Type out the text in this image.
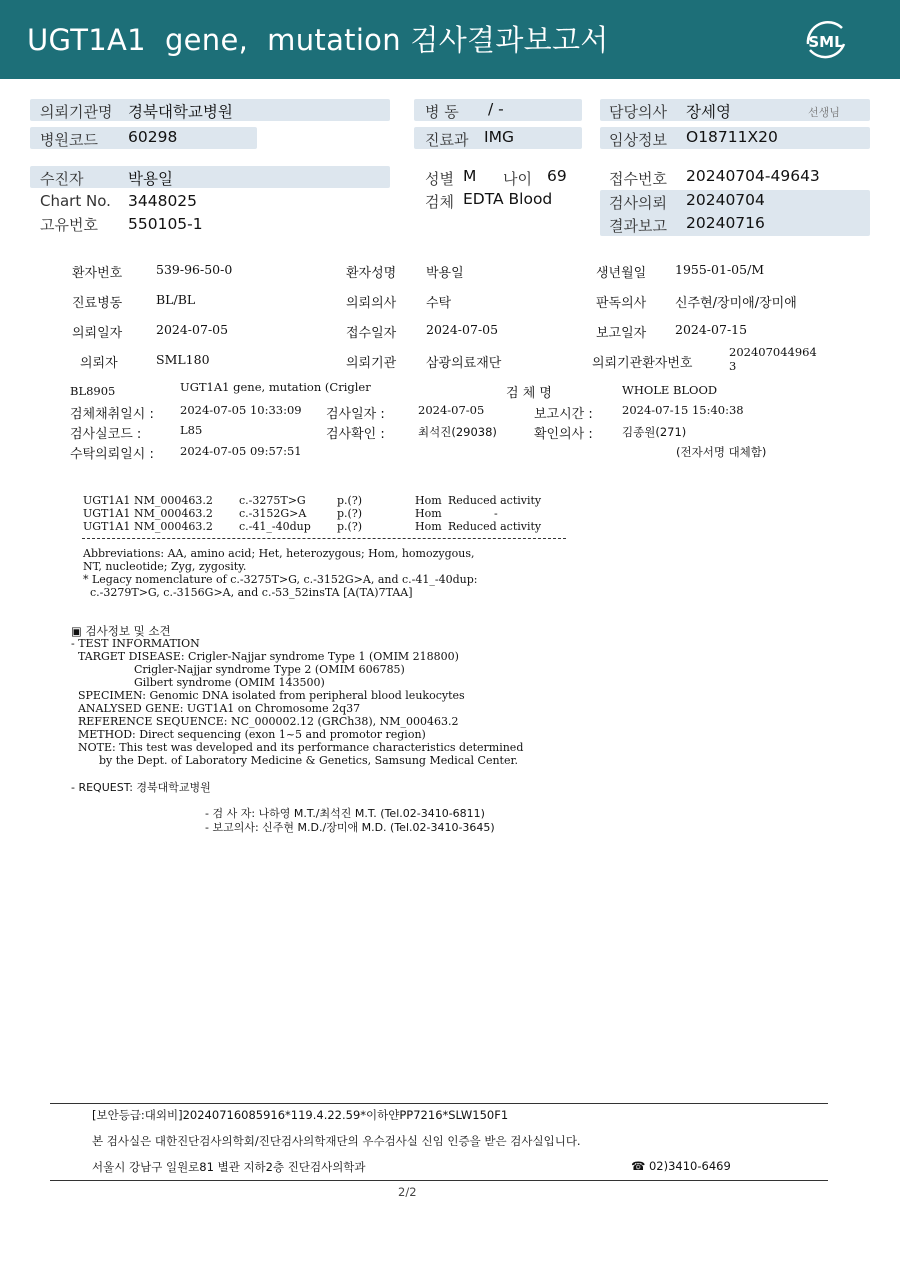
UGT1A1  gene,  mutation 검사결과보고서	SML
의뢰기관명 경북대학교병원
병원코드 60298
병 동 / -
진료과 IMG
담당의사 장세영	선생님
임상정보 O18711X20
수진자	박용일
Chart No. 3448025
고유번호 550105-1
성별 M 나이 69
검체 EDTA Blood
접수번호 20240704-49643
검사의뢰 20240704
결과보고 20240716
환자번호	539-96-50-0	환자성명 박용일	생년월일 1955-01-05/M
진료병동	BL/BL	의뢰의사 수탁	판독의사 신주현/장미애/장미애
의뢰일자	2024-07-05	접수일자 2024-07-05	보고일자 2024-07-15
의뢰자	SML180	의뢰기관 삼광의료재단	의뢰기관환자번호
202407044964
3
BL8905	UGT1A1 gene, mutation (Crigler	검 체 명	WHOLE BLOOD
검체채취일시 : 2024-07-05 10:33:09 검사일자 :	2024-07-05	보고시간 :	2024-07-15 15:40:38
검사실코드 :	L85	검사확인 :	최석진(29038)	확인의사 :	김종원(271)
수탁의뢰일시 : 2024-07-05 09:57:51	(전자서명 대체함)
UGT1A1 NM_000463.2 c.-3275T>G	p.(?)	Hom Reduced activity
UGT1A1 NM_000463.2 c.-3152G>A	p.(?)	Hom	-
UGT1A1 NM_000463.2 c.-41_-40dup p.(?)	Hom Reduced activity
Abbreviations: AA, amino acid; Het, heterozygous; Hom, homozygous,
NT, nucleotide; Zyg, zygosity.
* Legacy nomenclature of c.-3275T>G, c.-3152G>A, and c.-41_-40dup:
c.-3279T>G, c.-3156G>A, and c.-53_52insTA [A(TA)7TAA]
▣ 검사정보 및 소견
- TEST INFORMATION
TARGET DISEASE: Crigler-Najjar syndrome Type 1 (OMIM 218800)
Crigler-Najjar syndrome Type 2 (OMIM 606785)
Gilbert syndrome (OMIM 143500)
SPECIMEN: Genomic DNA isolated from peripheral blood leukocytes
ANALYSED GENE: UGT1A1 on Chromosome 2q37
REFERENCE SEQUENCE: NC_000002.12 (GRCh38), NM_000463.2
METHOD: Direct sequencing (exon 1~5 and promotor region)
NOTE: This test was developed and its performance characteristics determined
by the Dept. of Laboratory Medicine & Genetics, Samsung Medical Center.
- REQUEST: 경북대학교병원
- 검 사 자: 나하영 M.T./최석진 M.T. (Tel.02-3410-6811)
- 보고의사: 신주현 M.D./장미애 M.D. (Tel.02-3410-3645)
[보안등급:대외비]20240716085916*119.4.22.59*이하얀PP7216*SLW150F1
본 검사실은 대한진단검사의학회/진단검사의학재단의 우수검사실 신임 인증을 받은 검사실입니다.
서울시 강남구 일원로81 별관 지하2층 진단검사의학과	☎ 02)3410-6469
2/2
